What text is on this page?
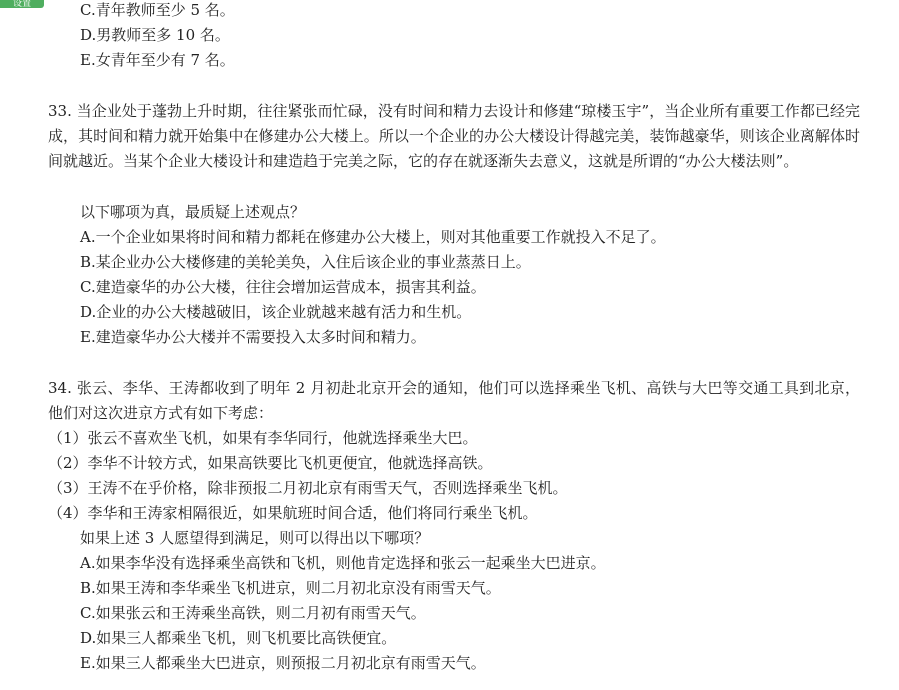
设置	C.青年教师至少 5 名。
D.男教师至多 10 名。
E.女青年至少有 7 名。
33. 当企业处于蓬勃上升时期，往往紧张而忙碌，没有时间和精力去设计和修建“琼楼玉宇”，当企业所有重要工作都已经完成，其时间和精力就开始集中在修建办公大楼上。所以一个企业的办公大楼设计得越完美，装饰越豪华，则该企业离解体时间就越近。当某个企业大楼设计和建造趋于完美之际，它的存在就逐渐失去意义，这就是所谓的“办公大楼法则”。
以下哪项为真，最质疑上述观点？
A.一个企业如果将时间和精力都耗在修建办公大楼上，则对其他重要工作就投入不足了。
B.某企业办公大楼修建的美轮美奂，入住后该企业的事业蒸蒸日上。
C.建造豪华的办公大楼，往往会增加运营成本，损害其利益。
D.企业的办公大楼越破旧，该企业就越来越有活力和生机。
E.建造豪华办公大楼并不需要投入太多时间和精力。
34. 张云、李华、王涛都收到了明年 2 月初赴北京开会的通知，他们可以选择乘坐飞机、高铁与大巴等交通工具到北京，他们对这次进京方式有如下考虑：
（1）张云不喜欢坐飞机，如果有李华同行，他就选择乘坐大巴。
（2）李华不计较方式，如果高铁要比飞机更便宜，他就选择高铁。
（3）王涛不在乎价格，除非预报二月初北京有雨雪天气，否则选择乘坐飞机。
（4）李华和王涛家相隔很近，如果航班时间合适，他们将同行乘坐飞机。
如果上述 3 人愿望得到满足，则可以得出以下哪项？
A.如果李华没有选择乘坐高铁和飞机，则他肯定选择和张云一起乘坐大巴进京。
B.如果王涛和李华乘坐飞机进京，则二月初北京没有雨雪天气。
C.如果张云和王涛乘坐高铁，则二月初有雨雪天气。
D.如果三人都乘坐飞机，则飞机要比高铁便宜。
E.如果三人都乘坐大巴进京，则预报二月初北京有雨雪天气。
